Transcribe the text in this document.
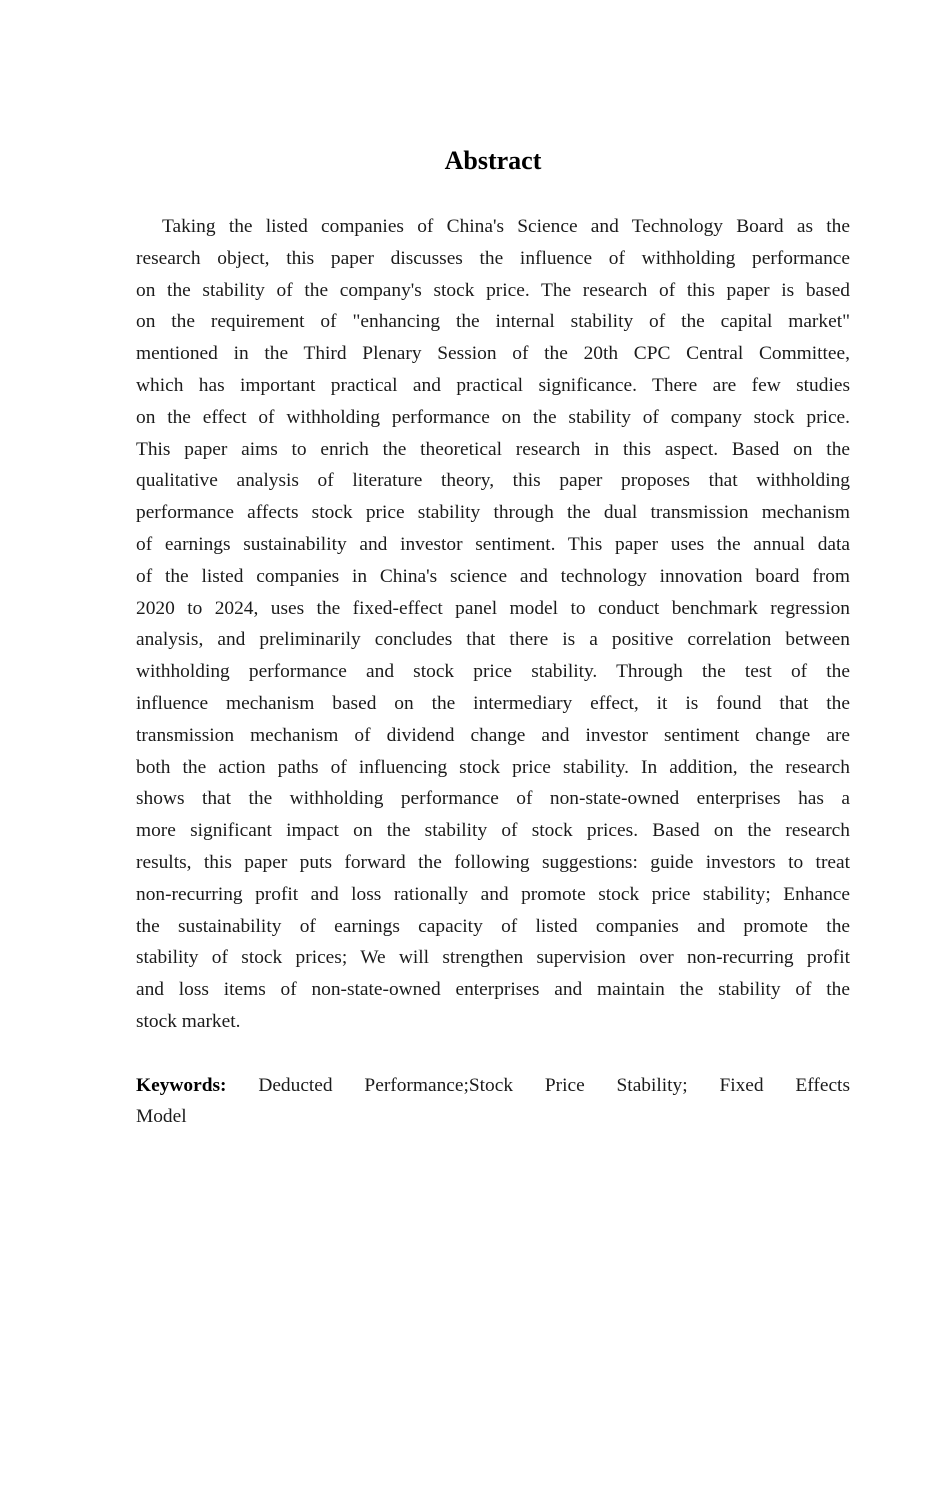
Abstract
Taking the listed companies of China's Science and Technology Board as the
research object, this paper discusses the influence of withholding performance
on the stability of the company's stock price. The research of this paper is based
on the requirement of "enhancing the internal stability of the capital market"
mentioned in the Third Plenary Session of the 20th CPC Central Committee,
which has important practical and practical significance. There are few studies
on the effect of withholding performance on the stability of company stock price.
This paper aims to enrich the theoretical research in this aspect. Based on the
qualitative analysis of literature theory, this paper proposes that withholding
performance affects stock price stability through the dual transmission mechanism
of earnings sustainability and investor sentiment. This paper uses the annual data
of the listed companies in China's science and technology innovation board from
2020 to 2024, uses the fixed-effect panel model to conduct benchmark regression
analysis, and preliminarily concludes that there is a positive correlation between
withholding performance and stock price stability. Through the test of the
influence mechanism based on the intermediary effect, it is found that the
transmission mechanism of dividend change and investor sentiment change are
both the action paths of influencing stock price stability. In addition, the research
shows that the withholding performance of non-state-owned enterprises has a
more significant impact on the stability of stock prices. Based on the research
results, this paper puts forward the following suggestions: guide investors to treat
non-recurring profit and loss rationally and promote stock price stability; Enhance
the sustainability of earnings capacity of listed companies and promote the
stability of stock prices; We will strengthen supervision over non-recurring profit
and loss items of non-state-owned enterprises and maintain the stability of the
stock market.
Keywords: Deducted Performance;Stock Price Stability; Fixed Effects
Model
